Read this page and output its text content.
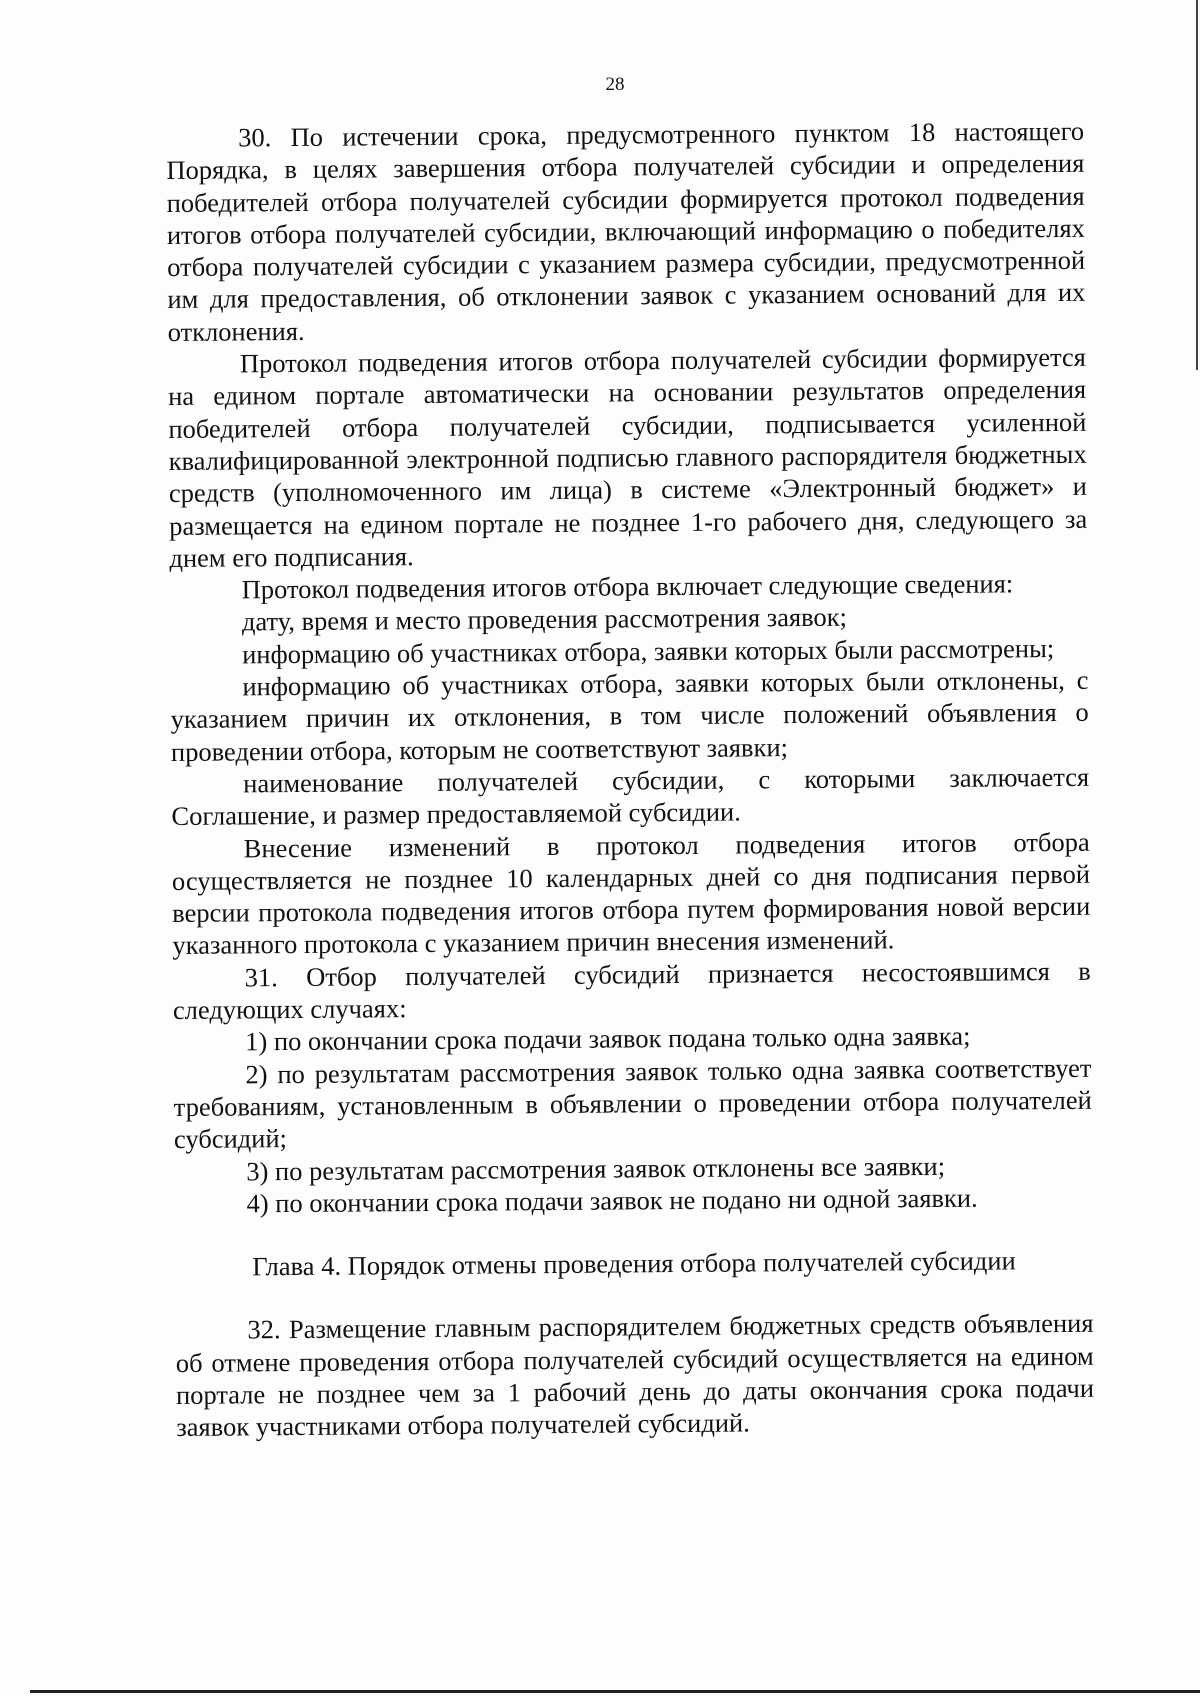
28

30. По истечении срока, предусмотренного пунктом 18 настоящего Порядка, в целях завершения отбора получателей субсидии и определения победителей отбора получателей субсидии формируется протокол подведения итогов отбора получателей субсидии, включающий информацию о победителях отбора получателей субсидии с указанием размера субсидии, предусмотренной им для предоставления, об отклонении заявок с указанием оснований для их отклонения.

Протокол подведения итогов отбора получателей субсидии формируется на едином портале автоматически на основании результатов определения победителей отбора получателей субсидии, подписывается усиленной квалифицированной электронной подписью главного распорядителя бюджетных средств (уполномоченного им лица) в системе «Электронный бюджет» и размещается на едином портале не позднее 1-го рабочего дня, следующего за днем его подписания.

Протокол подведения итогов отбора включает следующие сведения:

дату, время и место проведения рассмотрения заявок;

информацию об участниках отбора, заявки которых были рассмотрены;

информацию об участниках отбора, заявки которых были отклонены, с указанием причин их отклонения, в том числе положений объявления о проведении отбора, которым не соответствуют заявки;

наименование получателей субсидии, с которыми заключается Соглашение, и размер предоставляемой субсидии.

Внесение изменений в протокол подведения итогов отбора осуществляется не позднее 10 календарных дней со дня подписания первой версии протокола подведения итогов отбора путем формирования новой версии указанного протокола с указанием причин внесения изменений.

31. Отбор получателей субсидий признается несостоявшимся в следующих случаях:

1) по окончании срока подачи заявок подана только одна заявка;

2) по результатам рассмотрения заявок только одна заявка соответствует требованиям, установленным в объявлении о проведении отбора получателей субсидий;

3) по результатам рассмотрения заявок отклонены все заявки;

4) по окончании срока подачи заявок не подано ни одной заявки.

Глава 4. Порядок отмены проведения отбора получателей субсидии

32. Размещение главным распорядителем бюджетных средств объявления об отмене проведения отбора получателей субсидий осуществляется на едином портале не позднее чем за 1 рабочий день до даты окончания срока подачи заявок участниками отбора получателей субсидий.
